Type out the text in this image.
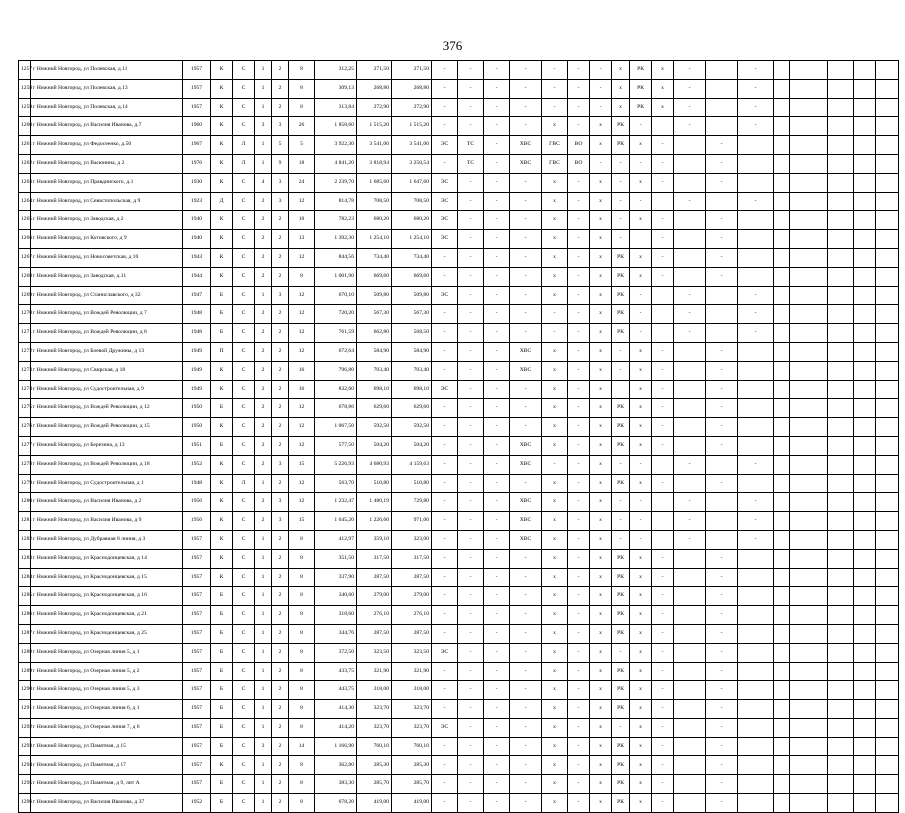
376
1257	г Нижний Новгород, ул Полевская, д.11	1957	К	С	1	2	8	312,25	271,50	271,50	-	-	-	-	-	-	-	х	РК	х	-		-					
1258	г Нижний Новгород, ул Полевская, д.13	1957	К	С	1	2	8	309,13	268,80	268,80	-	-	-	-	-	-	-	х	РК	х	-		-					
1259	г Нижний Новгород, ул Полевская, д.14	1957	К	С	1	2	8	313,84	272,90	272,90	-	-	-	-	-	-	-	х	РК	х	-		-					
1260	г Нижний Новгород, ул Василия Иванова, д.7	1960	К	С	3	3	26	1 858,60	1 515,20	1 515,20	-	-	-	-	х	-	х	РК	-		-		-					
1261	г Нижний Новгород, ул Федосеенко, д.50	1967	К	Л	1	5	5	3 922,30	3 541,00	3 541,00	ЭС	ТС	-	ХВС	ГВС	ВО	х	РК	х	-		-						
1262	г Нижний Новгород, ул Васюнина, д 2	1976	К	Л	1	9	18	4 841,20	3 818,94	3 250,54	-	ТС	-	ХВС	ГВС	ВО	-	-	-	-		-						
1263	г Нижний Новгород, ул Правдинского, д.1	1930	К	С	4	3	24	2 239,70	1 685,60	1 647,60	ЭС	-	-	-	х	-	х	-	х	-		-						
1264	г Нижний Новгород, ул Севастопольская, д 9	1923	Д	С	2	3	12	814,78	708,50	708,50	ЭС	-	-	-	х	-	х	-	-		-		-					
1265	г Нижний Новгород, ул Заводская, д 2	1940	К	С	2	2	10	782,23	680,20	680,20	ЭС	-	-	-	х	-	х	-	х	-		-						
1266	г Нижний Новгород, ул Котовского, д 9	1940	К	С	2	2	13	1 392,30	1 254,10	1 254,10	ЭС	-	-	-	х	-	х	-		-		-						
1267	г Нижний Новгород, ул Новосоветская, д 10	1943	К	С	2	2	12	844,56	734,40	734,40	-	-	-	-	х	-	х	РК	х	-		-						
1268	г Нижний Новгород, ул Заводская, д.11	1944	К	С	2	2	8	1 001,90	669,60	669,60	-	-	-	-	х	-	х	РК	х	-		-						
1269	г Нижний Новгород, ул Станиславского, д 32	1947	Б	С	1	3	12	670,10	509,80	509,80	ЭС	-	-	-	х	-	х	РК	-		-		-					
1270	г Нижний Новгород, ул Вождей Революции, д 7	1948	Б	С	2	2	12	720,20	567,30	567,30	-	-	-	-	-	-	х	РК	-		-		-					
1271	г Нижний Новгород, ул Вождей Революции, д 8	1948	Б	С	2	2	12	761,59	662,80	568,50	-	-	-	-	-	-	х	РК	-		-		-					
1272	г Нижний Новгород, ул Боевой Дружины, д 13	1949	П	С	2	2	12	672,64	584,90	584,90	-	-	-	ХВС	х	-	х	-	х	-		-						
1273	г Нижний Новгород, ул Свирская, д 18	1949	К	С	2	2	16	796,80	703,40	703,40	-	-	-	ХВС	х	-	х	-	х	-		-						
1274	г Нижний Новгород, ул Судостроительная, д 9	1949	К	С	2	2	16	832,60	698,10	698,10	ЭС	-	-	-	х	-	х		х	-		-						
1275	г Нижний Новгород, ул Вождей Революции, д 12	1950	Б	С	2	2	12	678,86	629,60	629,60	-	-	-	-	х	-	х	РК	х	-		-						
1276	г Нижний Новгород, ул Вождей Революции, д 15	1950	К	С	2	2	12	1 067,50	592,50	592,50	-	-	-	-	х	-	х	РК	х	-		-						
1277	г Нижний Новгород, ул Березина, д 13	1951	Б	С	2	2	12	577,50	504,20	504,20	-	-	-	ХВС	х	-	х	РК	х	-		-						
1278	г Нижний Новгород, ул Вождей Революции, д 18	1952	К	С	2	3	15	5 226,93	4 680,93	4 159,63	-	-	-	ХВС	-	-	х	-	-		-		-					
1279	г Нижний Новгород, ул Судостроительная, д 1	1948	К	Л	1	2	12	563,70	510,80	510,80	-	-	-	-	х	-	х	РК	х	-		-						
1280	г Нижний Новгород, ул Василия Иванова, д 2	1956	К	С	2	3	12	1 232,47	1 480,19	729,80	-	-	-	ХВС	х	-	х	-	-		-		-					
1281	г Нижний Новгород, ул Василия Иванова, д 9	1956	К	С	2	3	15	1 645,20	1 226,60	971,00	-	-	-	ХВС	х	-	х	-	-		-		-					
1282	г Нижний Новгород, ул Дубравная 8 линия, д 3	1957	К	С	1	2	8	412,97	359,10	323,00	-	-	-	ХВС	х	-	х	-	-		-		-					
1283	г Нижний Новгород, ул Краснодонцевская, д 14	1957	К	С	1	2	8	351,50	317,50	317,50	-	-	-	-	х	-	х	РК	х	-		-						
1284	г Нижний Новгород, ул Краснодонцевская, д 15	1957	К	С	1	2	8	337,90	287,50	287,50	-	-	-	-	х	-	х	РК	х	-		-						
1285	г Нижний Новгород, ул Краснодонцевская, д 16	1957	Б	С	1	2	8	340,60	279,00	279,00	-	-	-	-	х	-	х	РК	х	-		-						
1286	г Нижний Новгород, ул Краснодонцевская, д 21	1957	Б	С	1	2	8	318,60	276,10	276,10	-	-	-	-	х	-	х	РК	х	-		-						
1287	г Нижний Новгород, ул Краснодонцевская, д 25	1957	Б	С	1	2	8	344,76	287,50	287,50	-	-	-	-	х	-	х	РК	х	-		-						
1288	г Нижний Новгород, ул Озерная линия 5, д 1	1957	Б	С	1	2	8	372,50	323,50	323,50	ЭС	-	-	-	х	-	х	-	х	-		-						
1289	г Нижний Новгород, ул Озерная линия 5, д 2	1957	Б	С	1	2	8	433,75	321,90	321,90	-	-	-	-	х	-	х	РК	х	-		-						
1290	г Нижний Новгород, ул Озерная линия 5, д 3	1957	Б	С	1	2	8	443,75	318,00	318,00	-	-	-	-	х	-	х	РК	х	-		-						
1291	г Нижний Новгород, ул Озерная линия 6, д 1	1957	Б	С	1	2	8	414,30	323,70	323,70	-	-	-	-	х	-	х	РК	х	-		-						
1292	г Нижний Новгород, ул Озерная линия 7, д 6	1957	Б	С	1	2	8	414,20	323,70	323,70	ЭС	-	-	-	х	-	х	-	х	-		-						
1293	г Нижний Новгород, ул Памятная, д 15	1957	Б	С	3	2	14	1 166,90	760,10	760,10	-	-	-	-	х	-	х	РК	х	-		-						
1294	г Нижний Новгород, ул Памятная, д 17	1957	К	С	1	2	8	362,80	285,30	285,30	-	-	-	-	х	-	х	РК	х	-		-						
1295	г Нижний Новгород, ул Памятная, д 9, лит А	1957	Б	С	1	2	8	383,30	285,70	285,70	-	-	-	-	х	-	х	РК	х	-		-						
1296	г Нижний Новгород, ул Василия Иванова, д 37	1952	Б	С	1	2	8	678,20	419,00	419,00	-	-	-	-	х	-	х	РК	х	-		-						
